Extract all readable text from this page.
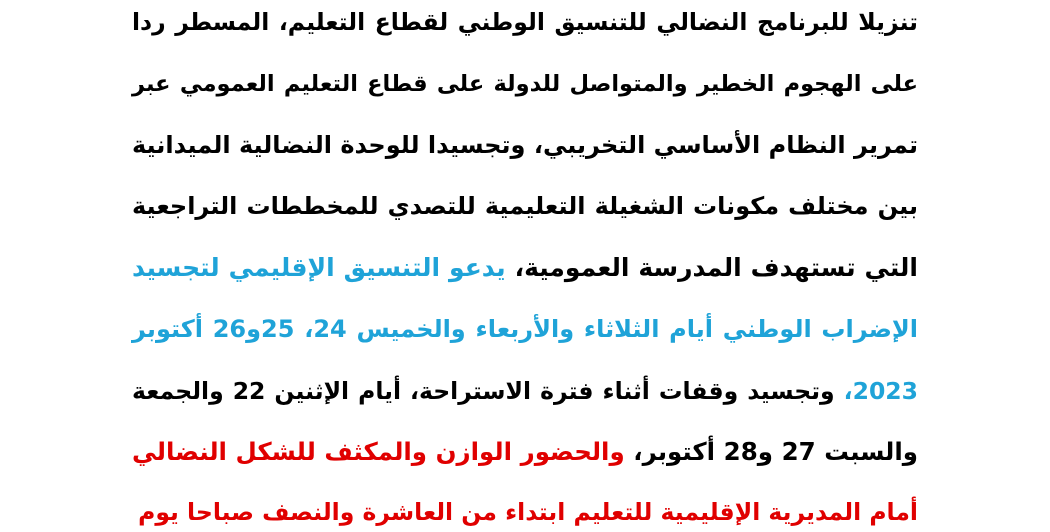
تنزيلا للبرنامج النضالي للتنسيق الوطني لقطاع التعليم، المسطر ردا
على الهجوم الخطير والمتواصل للدولة على قطاع التعليم العمومي عبر
تمرير النظام الأساسي التخريبي، وتجسيدا للوحدة النضالية الميدانية
بين مختلف مكونات الشغيلة التعليمية للتصدي للمخططات التراجعية
التي تستهدف المدرسة العمومية، يدعو التنسيق الإقليمي لتجسيد
الإضراب الوطني أيام الثلاثاء والأربعاء والخميس 24، 25و26 أكتوبر
2023، وتجسيد وقفات أثناء فترة الاستراحة، أيام الإثنين 22 والجمعة
والسبت 27 و28 أكتوبر، والحضور الوازن والمكثف للشكل النضالي
أمام المديرية الإقليمية للتعليم ابتداء من العاشرة والنصف صباحا يوم
